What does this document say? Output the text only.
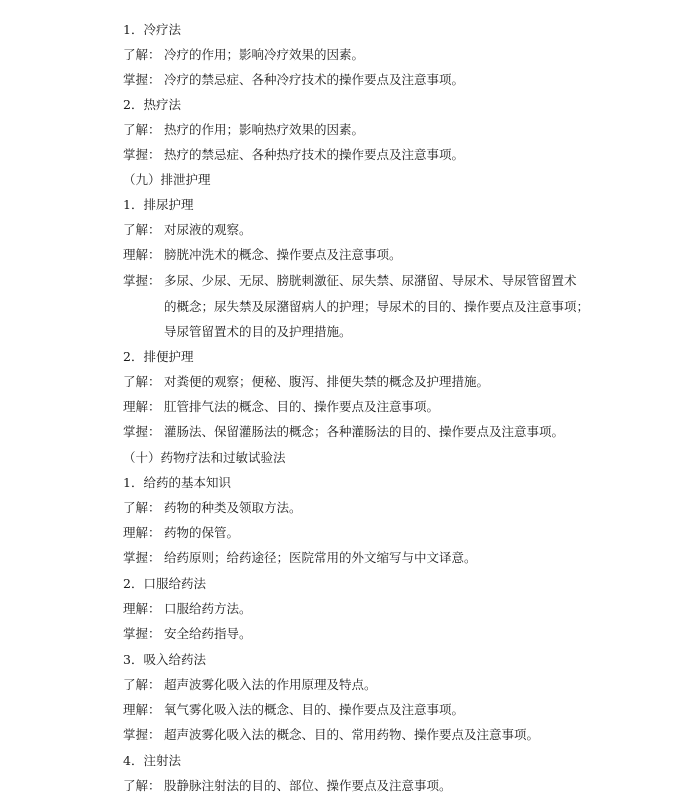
1．冷疗法
了解： 冷疗的作用；影响冷疗效果的因素。
掌握： 冷疗的禁忌症、各种冷疗技术的操作要点及注意事项。
2．热疗法
了解： 热疗的作用；影响热疗效果的因素。
掌握： 热疗的禁忌症、各种热疗技术的操作要点及注意事项。
（九）排泄护理
1．排尿护理
了解： 对尿液的观察。
理解： 膀胱冲洗术的概念、操作要点及注意事项。
掌握： 多尿、少尿、无尿、膀胱刺激征、尿失禁、尿潴留、导尿术、导尿管留置术
的概念；尿失禁及尿潴留病人的护理；导尿术的目的、操作要点及注意事项；
导尿管留置术的目的及护理措施。
2．排便护理
了解： 对粪便的观察；便秘、腹泻、排便失禁的概念及护理措施。
理解： 肛管排气法的概念、目的、操作要点及注意事项。
掌握： 灌肠法、保留灌肠法的概念；各种灌肠法的目的、操作要点及注意事项。
（十）药物疗法和过敏试验法
1．给药的基本知识
了解： 药物的种类及领取方法。
理解： 药物的保管。
掌握： 给药原则；给药途径；医院常用的外文缩写与中文译意。
2．口服给药法
理解： 口服给药方法。
掌握： 安全给药指导。
3．吸入给药法
了解： 超声波雾化吸入法的作用原理及特点。
理解： 氧气雾化吸入法的概念、目的、操作要点及注意事项。
掌握： 超声波雾化吸入法的概念、目的、常用药物、操作要点及注意事项。
4．注射法
了解： 股静脉注射法的目的、部位、操作要点及注意事项。
